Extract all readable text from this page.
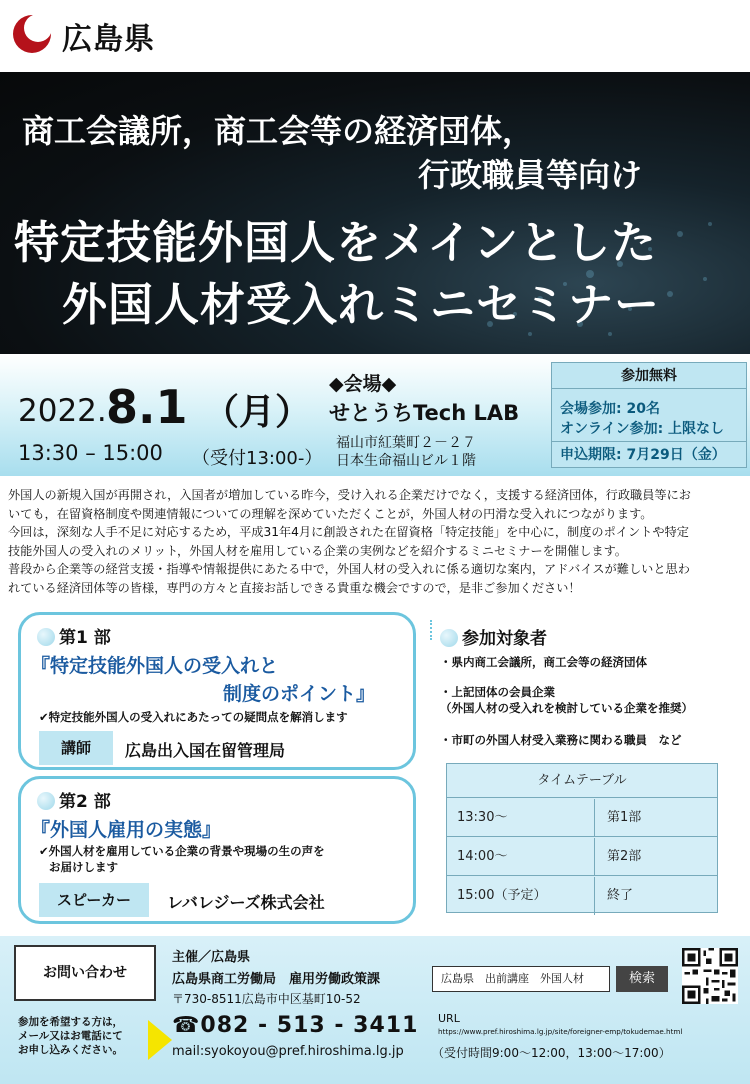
広島県
商工会議所，商工会等の経済団体，
行政職員等向け
特定技能外国人をメインとした
外国人材受入れミニセミナー
2022. 8.1 （月）
13:30 – 15:00 （受付13:00-）
◆会場◆
せとうちTech LAB
福山市紅葉町２－２７
日本生命福山ビル１階
参加無料
会場参加: 20名
オンライン参加: 上限なし
申込期限: 7月29日（金）

外国人の新規入国が再開され，入国者が増加している昨今，受け入れる企業だけでなく，支援する経済団体，行政職員等にお
いても，在留資格制度や関連情報についての理解を深めていただくことが，外国人材の円滑な受入れにつながります。
今回は，深刻な人手不足に対応するため，平成31年4月に創設された在留資格「特定技能」を中心に，制度のポイントや特定
技能外国人の受入れのメリット，外国人材を雇用している企業の実例などを紹介するミニセミナーを開催します。
普段から企業等の経営支援・指導や情報提供にあたる中で，外国人材の受入れに係る適切な案内，アドバイスが難しいと思わ
れている経済団体等の皆様，専門の方々と直接お話しできる貴重な機会ですので，是非ご参加ください！

第1 部
『特定技能外国人の受入れと
制度のポイント』
✔特定技能外国人の受入れにあたっての疑問点を解消します
講師	広島出入国在留管理局
第2 部
『外国人雇用の実態』
✔外国人材を雇用している企業の背景や現場の生の声を
お届けします
スピーカー	レバレジーズ株式会社
参加対象者
・県内商工会議所，商工会等の経済団体
・上記団体の会員企業
（外国人材の受入れを検討している企業を推奨）
・市町の外国人材受入業務に関わる職員　など
タイムテーブル
13:30～	第1部
14:00～	第2部
15:00（予定）	終了
お問い合わせ
参加を希望する方は，
メール又はお電話にて
お申し込みください。
主催／広島県
広島県商工労働局　雇用労働政策課
〒730-8511広島市中区基町10-52
☎082 - 513 - 3411
mail:syokoyou@pref.hiroshima.lg.jp
広島県　出前講座　外国人材	検索
URL
https://www.pref.hiroshima.lg.jp/site/foreigner-emp/tokudemae.html
（受付時間9:00～12:00，13:00～17:00）
